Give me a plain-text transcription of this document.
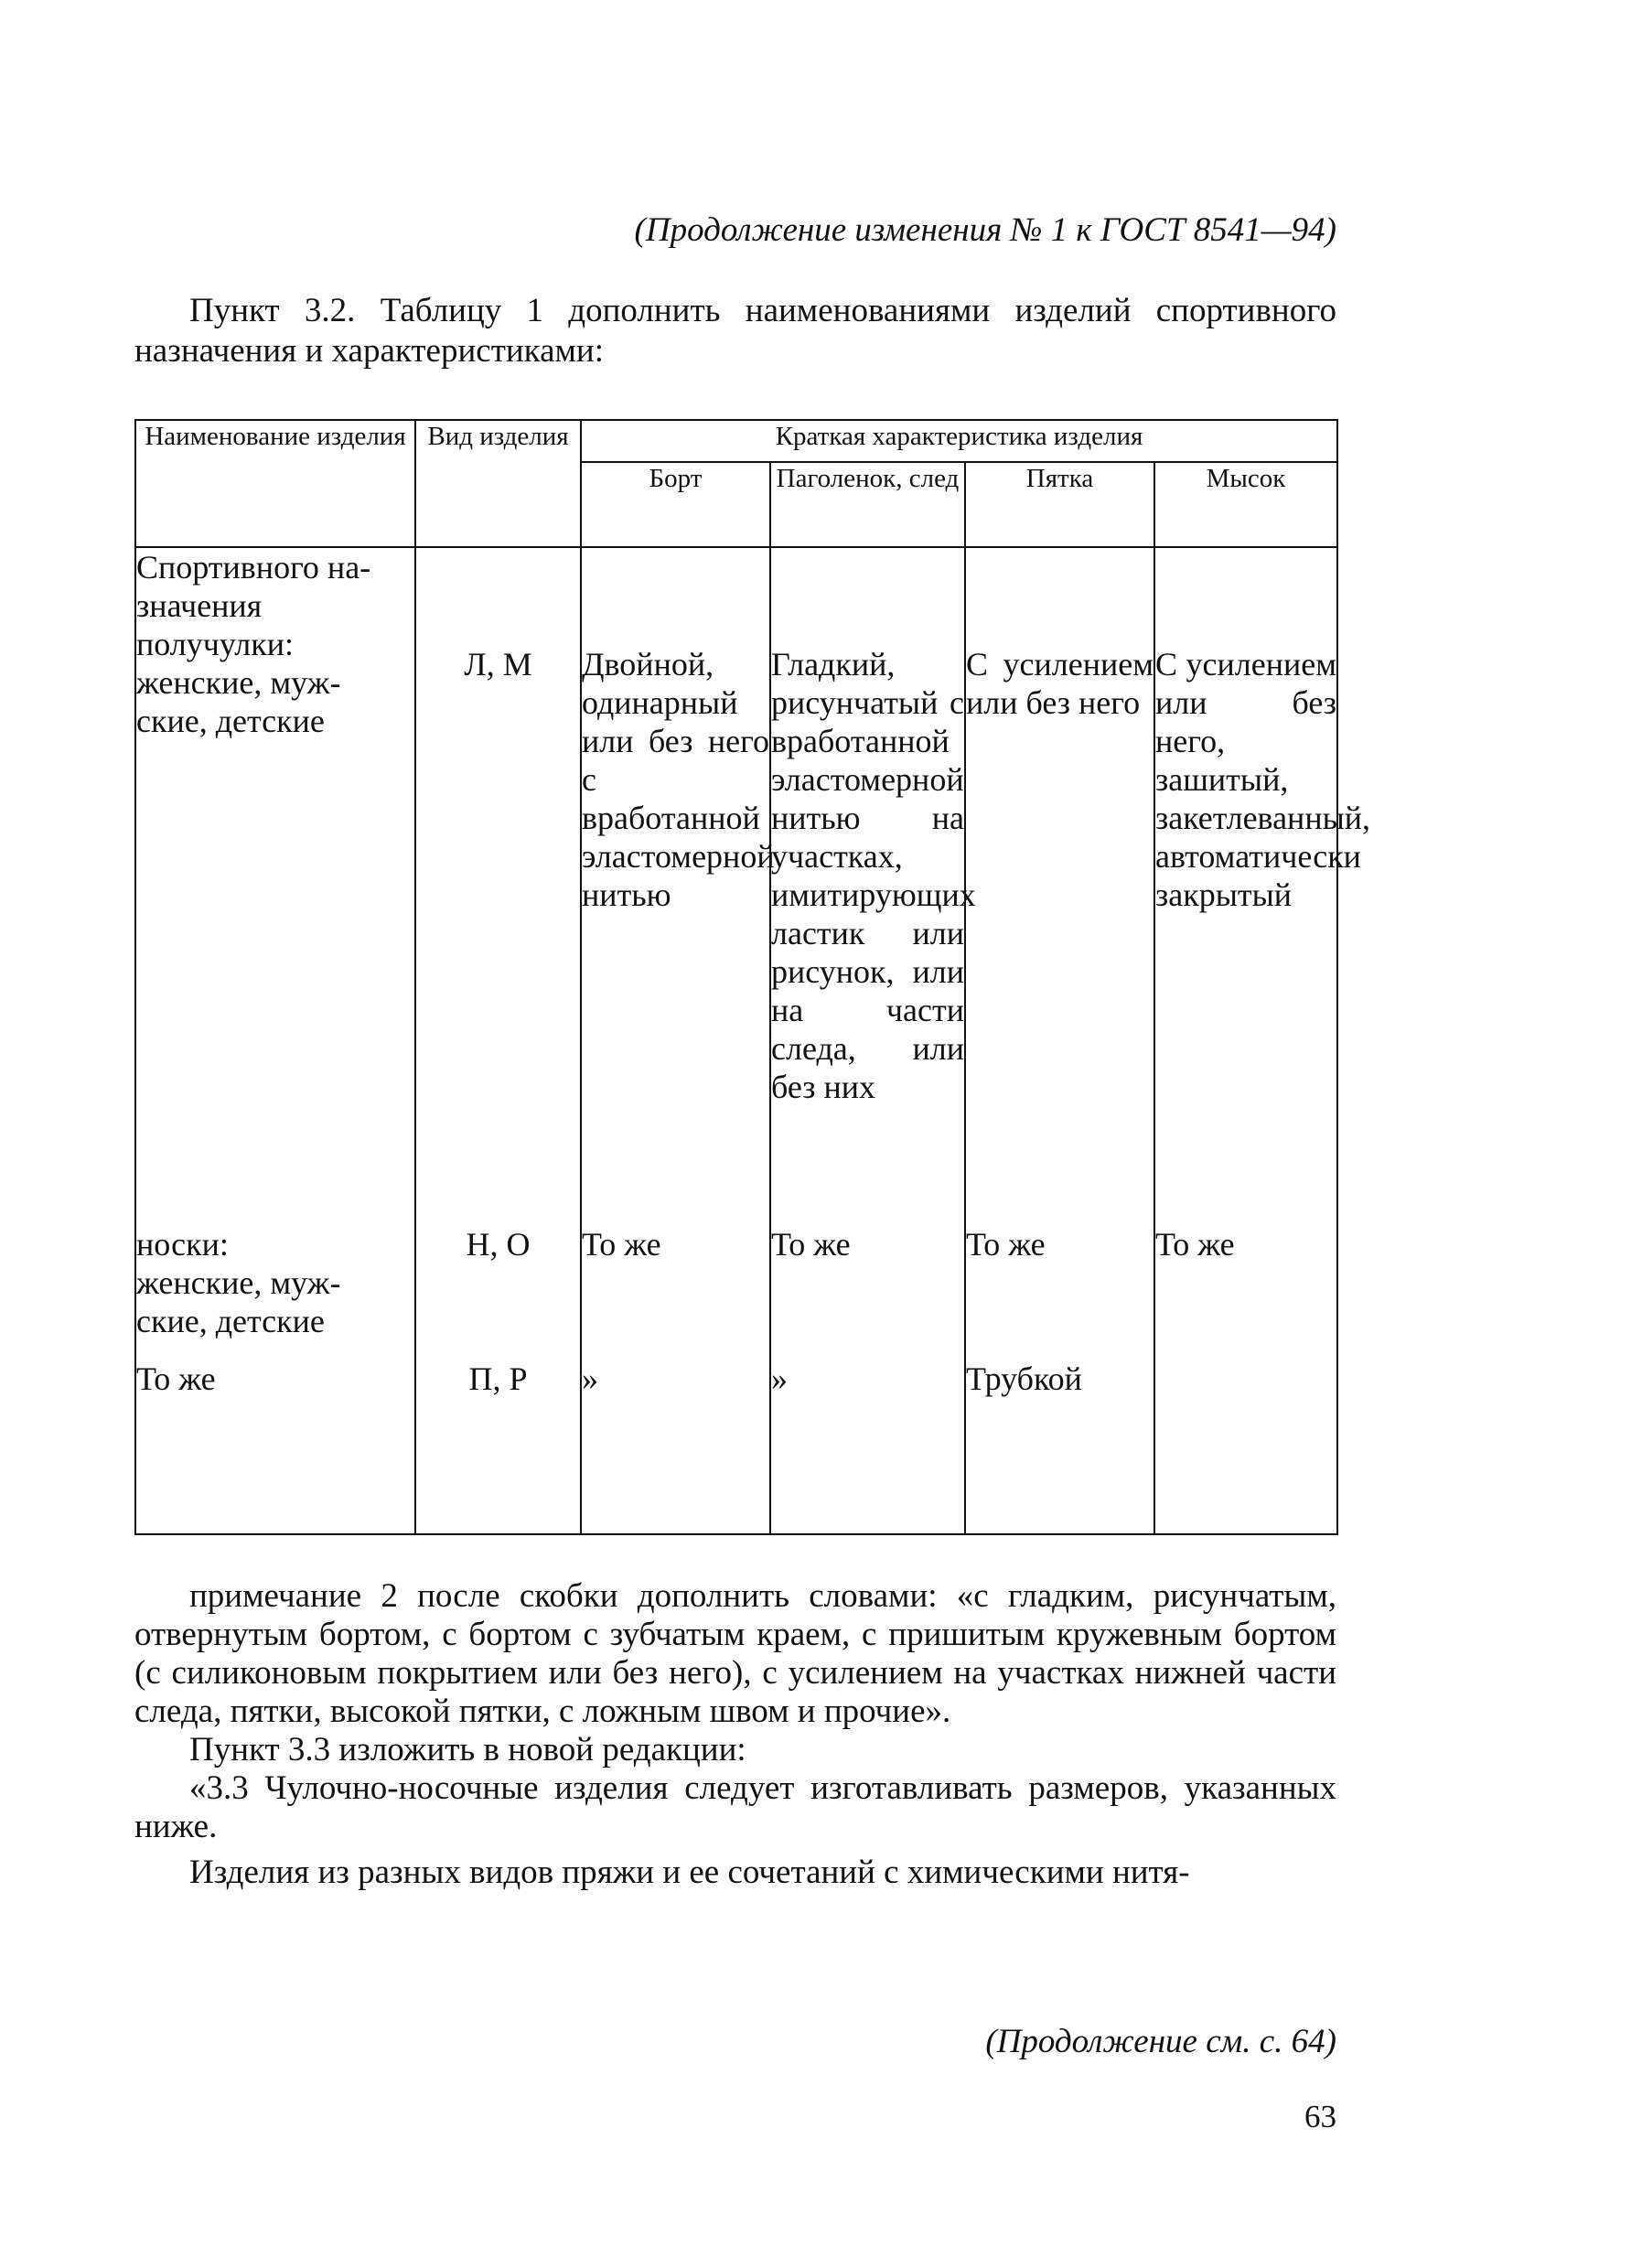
(Продолжение изменения № 1 к ГОСТ 8541—94)
Пункт 3.2. Таблицу 1 дополнить наименованиями изделий спортивного назначения и характеристиками:
Наименование изделия	Вид изделия	Краткая характеристика изделия			
		Борт	Паголенок, след	Пятка	Мысок

Спортивного на-
значения
получулки:
женские, муж-
ские, детские	Л, М	Двойной, одинарный или без него с вработанной эластомерной нитью	Гладкий, рисунчатый с вработанной эластомерной нитью на участках, имитирующих ластик или рисунок, или на части следа, или без них	С усилением или без него	С усилением или без него, зашитый, закетлеванный, автоматически закрытый

носки:
женские, муж-
ские, детские	Н, О	То же	То же	То же	То же

То же	П, Р	»	»	Трубкой	

примечание 2 после скобки дополнить словами: «с гладким, рисунчатым, отвернутым бортом, с бортом с зубчатым краем, с пришитым кружевным бортом (с силиконовым покрытием или без него), с усилением на участках нижней части следа, пятки, высокой пятки, с ложным швом и прочие».

Пункт 3.3 изложить в новой редакции:

«3.3 Чулочно-носочные изделия следует изготавливать размеров, указанных ниже.

Изделия из разных видов пряжи и ее сочетаний с химическими нитя-

(Продолжение см. с. 64)
63
